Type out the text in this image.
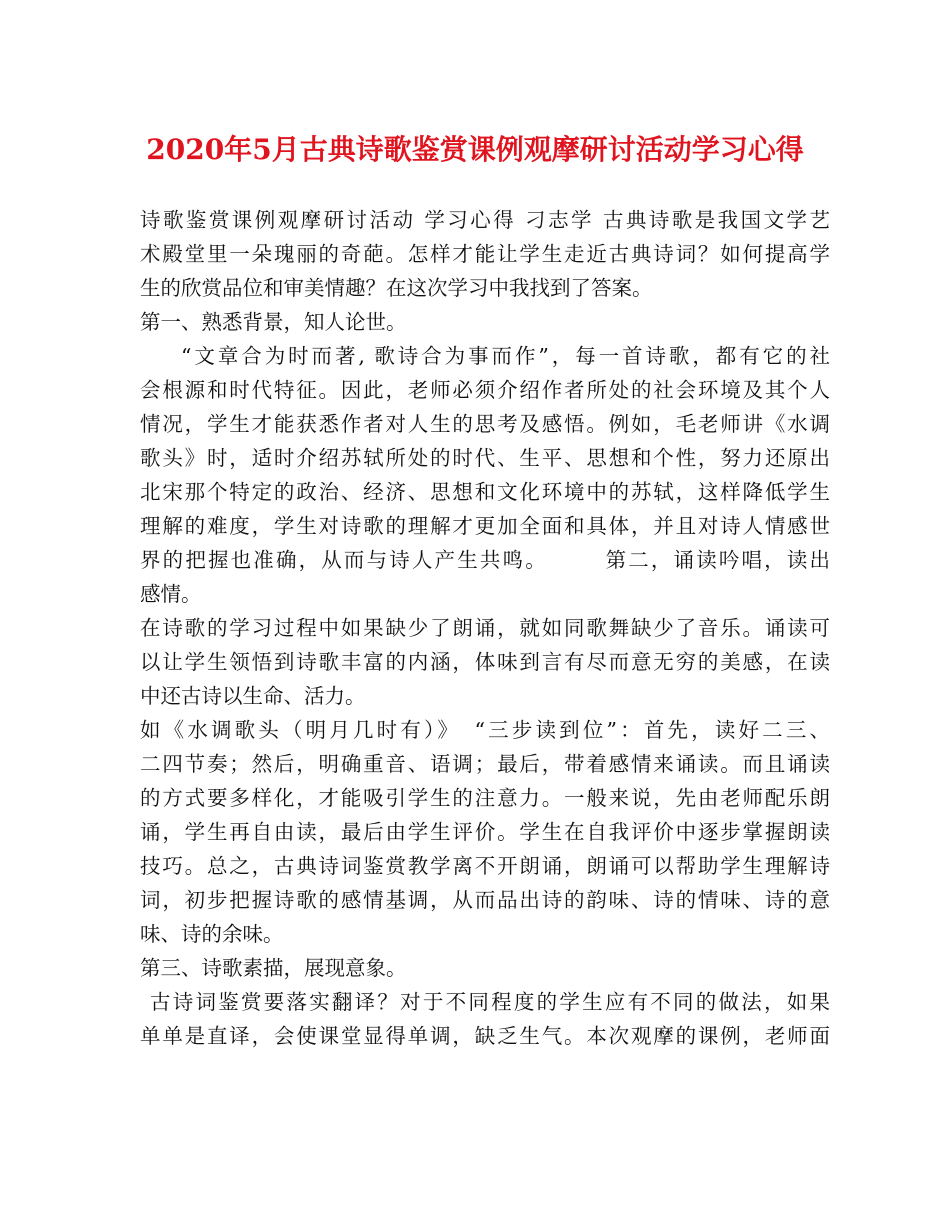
2020年5月古典诗歌鉴赏课例观摩研讨活动学习心得
诗歌鉴赏课例观摩研讨活动 学习心得 刁志学 古典诗歌是我国文学艺
术殿堂里一朵瑰丽的奇葩。怎样才能让学生走近古典诗词？如何提高学
生的欣赏品位和审美情趣？在这次学习中我找到了答案。
第一、熟悉背景，知人论世。
“文章合为时而著, 歌诗合为事而作”，每一首诗歌，都有它的社
会根源和时代特征。因此，老师必须介绍作者所处的社会环境及其个人
情况，学生才能获悉作者对人生的思考及感悟。例如，毛老师讲《水调
歌头》时，适时介绍苏轼所处的时代、生平、思想和个性，努力还原出
北宋那个特定的政治、经济、思想和文化环境中的苏轼，这样降低学生
理解的难度，学生对诗歌的理解才更加全面和具体，并且对诗人情感世
界的把握也准确，从而与诗人产生共鸣。　　　第二，诵读吟唱，读出
感情。
在诗歌的学习过程中如果缺少了朗诵，就如同歌舞缺少了音乐。诵读可
以让学生领悟到诗歌丰富的内涵，体味到言有尽而意无穷的美感，在读
中还古诗以生命、活力。
如《水调歌头（明月几时有）》　“三步读到位”：首先，读好二三、
二四节奏；然后，明确重音、语调；最后，带着感情来诵读。而且诵读
的方式要多样化，才能吸引学生的注意力。一般来说，先由老师配乐朗
诵，学生再自由读，最后由学生评价。学生在自我评价中逐步掌握朗读
技巧。总之，古典诗词鉴赏教学离不开朗诵，朗诵可以帮助学生理解诗
词，初步把握诗歌的感情基调，从而品出诗的韵味、诗的情味、诗的意
味、诗的余味。
第三、诗歌素描，展现意象。
古诗词鉴赏要落实翻译？对于不同程度的学生应有不同的做法，如果
单单是直译，会使课堂显得单调，缺乏生气。本次观摩的课例，老师面
